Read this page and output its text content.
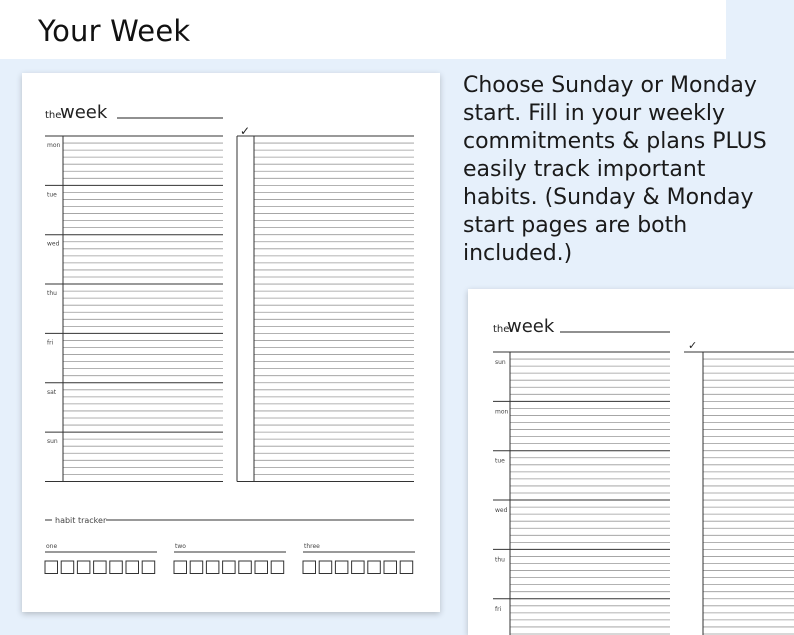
Your Week
Choose Sunday or Monday start. Fill in your weekly commitments & plans PLUS easily track important habits. (Sunday & Monday start pages are both included.)
the
week
✓
mon
tue
wed
thu
fri
sat
sun
habit tracker
one	two	three
the
week
✓
sun
mon
tue
wed
thu
fri
